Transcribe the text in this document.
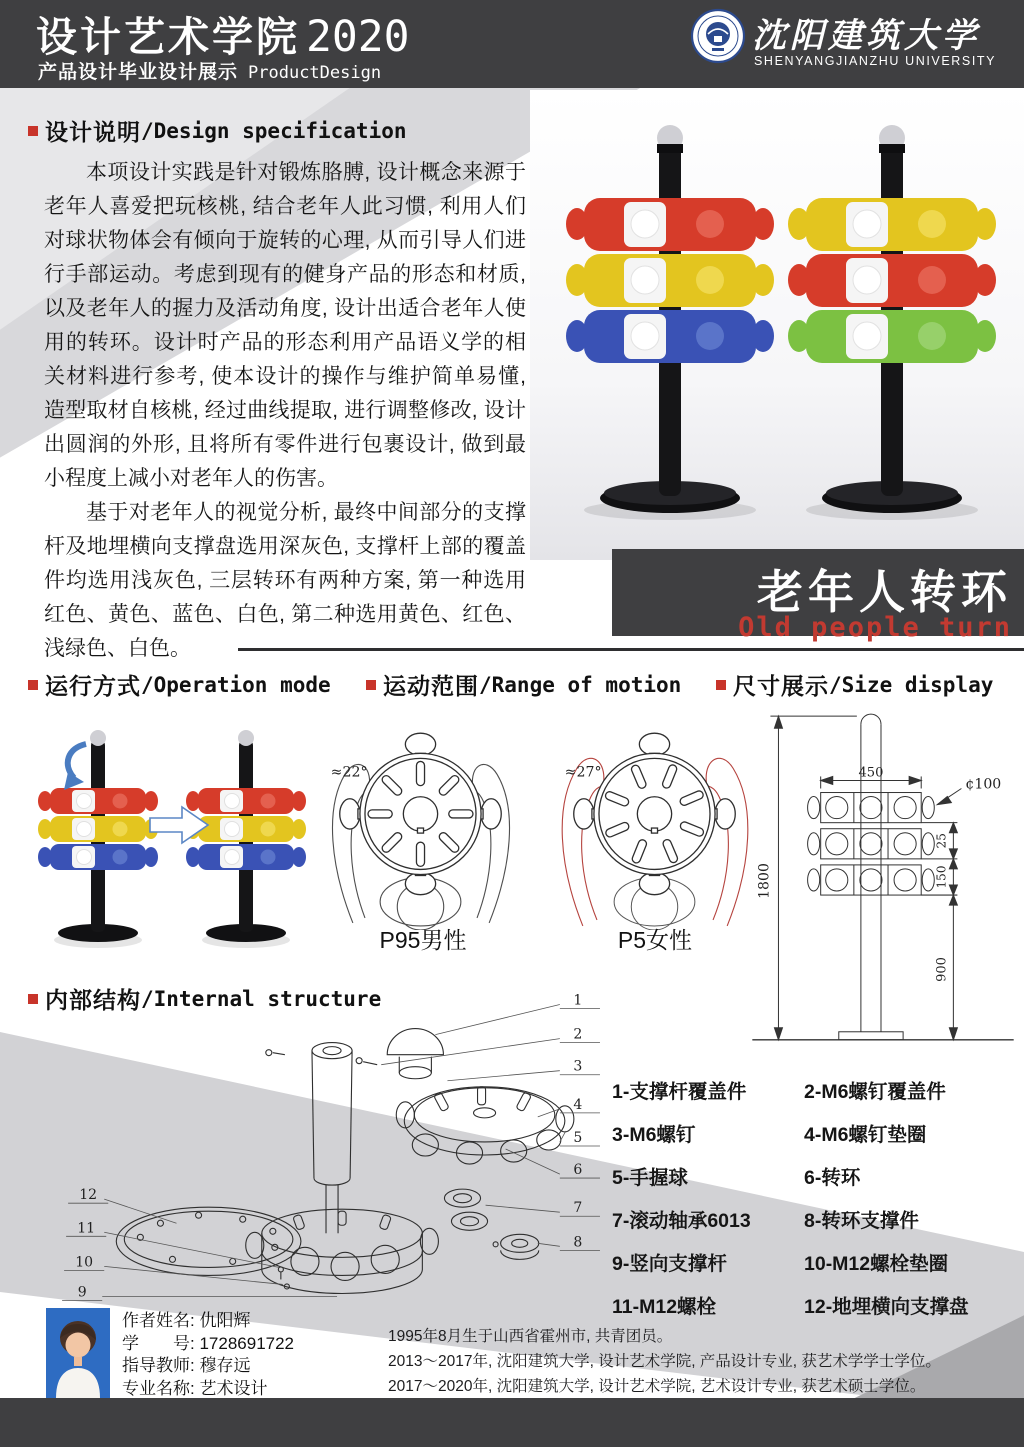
设计艺术学院 2020
产品设计毕业设计展示 ProductDesign
沈阳建筑大学
SHENYANGJIANZHU UNIVERSITY
设计说明 /Design specification

本项设计实践是针对锻炼胳膊, 设计概念来源于老年人喜爱把玩核桃, 结合老年人此习惯, 利用人们对球状物体会有倾向于旋转的心理, 从而引导人们进行手部运动。考虑到现有的健身产品的形态和材质, 以及老年人的握力及活动角度, 设计出适合老年人使用的转环。设计时产品的形态利用产品语义学的相关材料进行参考, 使本设计的操作与维护简单易懂, 造型取材自核桃, 经过曲线提取, 进行调整修改, 设计出圆润的外形, 且将所有零件进行包裹设计, 做到最小程度上减小对老年人的伤害。

基于对老年人的视觉分析, 最终中间部分的支撑杆及地埋横向支撑盘选用深灰色, 支撑杆上部的覆盖件均选用浅灰色, 三层转环有两种方案, 第一种选用红色、黄色、蓝色、白色, 第二种选用黄色、红色、浅绿色、白色。

老年人转环
Old people turn
运行方式 /Operation mode 运动范围 /Range of motion 尺寸展示 /Size display
≈22°
P95男性
≈27°
P5女性
450
¢100
1800
25
150
900
内部结构 /Internal structure	1
2
3
4
5
6
7
8
12
11
10
9
1-支撑杆覆盖件	2-M6螺钉覆盖件
3-M6螺钉	4-M6螺钉垫圈
5-手握球	6-转环
7-滚动轴承6013	8-转环支撑件
9-竖向支撑杆	10-M12螺栓垫圈
11-M12螺栓	12-地埋横向支撑盘
作者姓名: 仇阳辉
学　　号: 1728691722
指导教师: 穆存远
专业名称: 艺术设计
1995年8月生于山西省霍州市, 共青团员。
2013～2017年, 沈阳建筑大学, 设计艺术学院, 产品设计专业, 获艺术学学士学位。
2017～2020年, 沈阳建筑大学, 设计艺术学院, 艺术设计专业, 获艺术硕士学位。
